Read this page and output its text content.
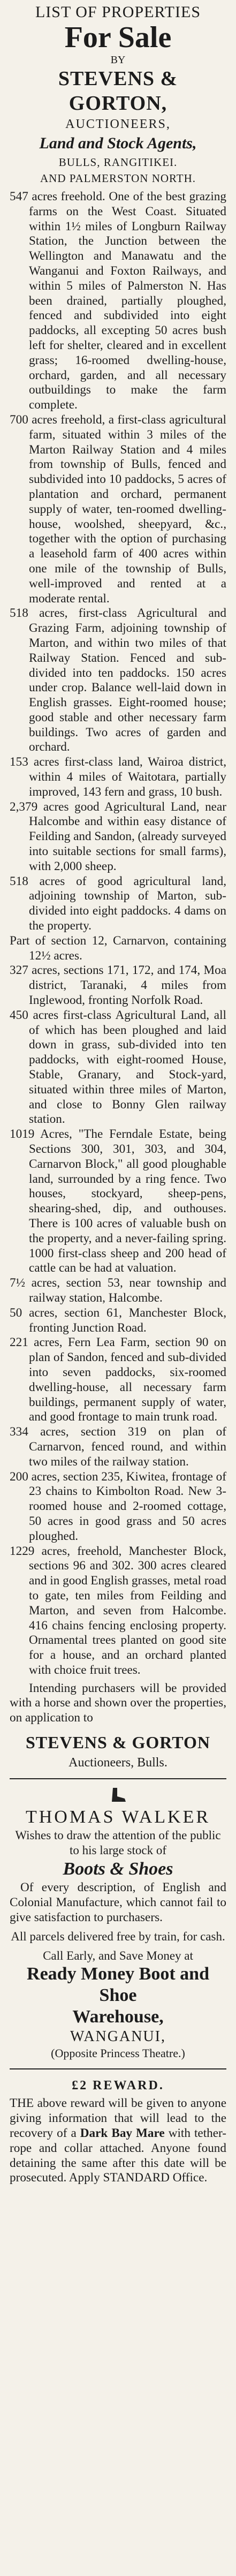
LIST OF PROPERTIES
For Sale
BY
STEVENS & GORTON,
AUCTIONEERS,
Land and Stock Agents,
BULLS, RANGITIKEI.
AND PALMERSTON NORTH.

547 acres freehold. One of the best grazing farms on the West Coast. Situated within 1½ miles of Longburn Railway Station, the Junction between the Wellington and Manawatu and the Wanganui and Foxton Railways, and within 5 miles of Palmerston N. Has been drained, partially ploughed, fenced and subdivided into eight paddocks, all excepting 50 acres bush left for shelter, cleared and in excellent grass; 16-roomed dwelling-house, orchard, garden, and all necessary outbuildings to make the farm complete.

700 acres freehold, a first-class agricultural farm, situated within 3 miles of the Marton Railway Station and 4 miles from township of Bulls, fenced and subdivided into 10 paddocks, 5 acres of plantation and orchard, permanent supply of water, ten-roomed dwelling-house, woolshed, sheepyard, &c., together with the option of purchasing a leasehold farm of 400 acres within one mile of the township of Bulls, well-improved and rented at a moderate rental.

518 acres, first-class Agricultural and Grazing Farm, adjoining township of Marton, and within two miles of that Railway Station. Fenced and sub-divided into ten paddocks. 150 acres under crop. Balance well-laid down in English grasses. Eight-roomed house; good stable and other necessary farm buildings. Two acres of garden and orchard.

153 acres first-class land, Wairoa district, within 4 miles of Waitotara, partially improved, 143 fern and grass, 10 bush.

2,379 acres good Agricultural Land, near Halcombe and within easy distance of Feilding and Sandon, (already surveyed into suitable sections for small farms), with 2,000 sheep.

518 acres of good agricultural land, adjoining township of Marton, sub-divided into eight paddocks. 4 dams on the property.

Part of section 12, Carnarvon, containing 12½ acres.

327 acres, sections 171, 172, and 174, Moa district, Taranaki, 4 miles from Inglewood, fronting Norfolk Road.

450 acres first-class Agricultural Land, all of which has been ploughed and laid down in grass, sub-divided into ten paddocks, with eight-roomed House, Stable, Granary, and Stock-yard, situated within three miles of Marton, and close to Bonny Glen railway station.

1019 Acres, "The Ferndale Estate, being Sections 300, 301, 303, and 304, Carnarvon Block," all good ploughable land, surrounded by a ring fence. Two houses, stockyard, sheep-pens, shearing-shed, dip, and outhouses. There is 100 acres of valuable bush on the property, and a never-failing spring. 1000 first-class sheep and 200 head of cattle can be had at valuation.

7½ acres, section 53, near township and railway station, Halcombe.

50 acres, section 61, Manchester Block, fronting Junction Road.

221 acres, Fern Lea Farm, section 90 on plan of Sandon, fenced and sub-divided into seven paddocks, six-roomed dwelling-house, all necessary farm buildings, permanent supply of water, and good frontage to main trunk road.

334 acres, section 319 on plan of Carnarvon, fenced round, and within two miles of the railway station.

200 acres, section 235, Kiwitea, frontage of 23 chains to Kimbolton Road. New 3-roomed house and 2-roomed cottage, 50 acres in good grass and 50 acres ploughed.

1229 acres, freehold, Manchester Block, sections 96 and 302. 300 acres cleared and in good English grasses, metal road to gate, ten miles from Feilding and Marton, and seven from Halcombe. 416 chains fencing enclosing property. Ornamental trees planted on good site for a house, and an orchard planted with choice fruit trees.

Intending purchasers will be provided with a horse and shown over the properties, on application to

STEVENS & GORTON
Auctioneers, Bulls.
THOMAS WALKER
Wishes to draw the attention of the public to his large stock of
Boots & Shoes

Of every description, of English and Colonial Manufacture, which cannot fail to give satisfaction to purchasers.

All parcels delivered free by train, for cash.
Call Early, and Save Money at
Ready Money Boot and Shoe
Warehouse,
WANGANUI,
(Opposite Princess Theatre.)
£2 REWARD.

THE above reward will be given to anyone giving information that will lead to the recovery of a Dark Bay Mare with tether-rope and collar attached. Anyone found detaining the same after this date will be prosecuted. Apply STANDARD Office.
